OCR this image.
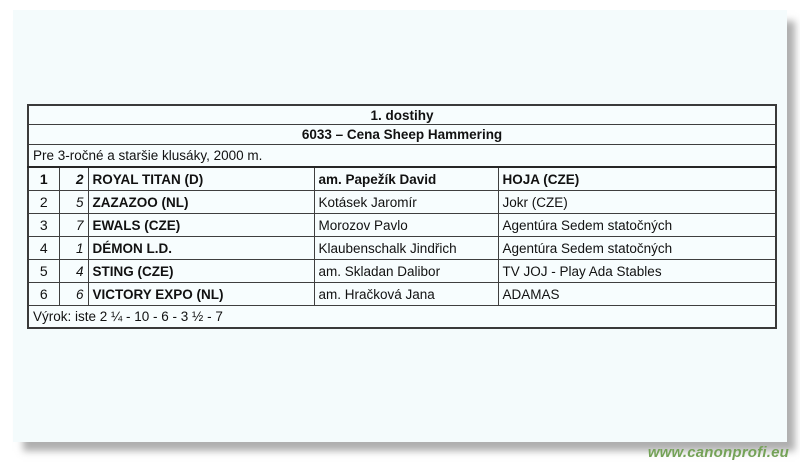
1. dostihy				
6033 – Cena Sheep Hammering				
Pre 3-ročné a staršie klusáky, 2000 m.				
1	2	ROYAL TITAN (D)	am. Papežík David	HOJA (CZE)
2	5	ZAZAZOO (NL)	Kotásek Jaromír	Jokr (CZE)
3	7	EWALS (CZE)	Morozov Pavlo	Agentúra Sedem statočných
4	1	DÉMON L.D.	Klaubenschalk Jindřich	Agentúra Sedem statočných
5	4	STING (CZE)	am. Skladan Dalibor	TV JOJ - Play Ada Stables
6	6	VICTORY EXPO (NL)	am. Hračková Jana	ADAMAS
Výrok: iste 2 ¼ - 10 - 6 - 3 ½ - 7				
www.canonprofi.eu
